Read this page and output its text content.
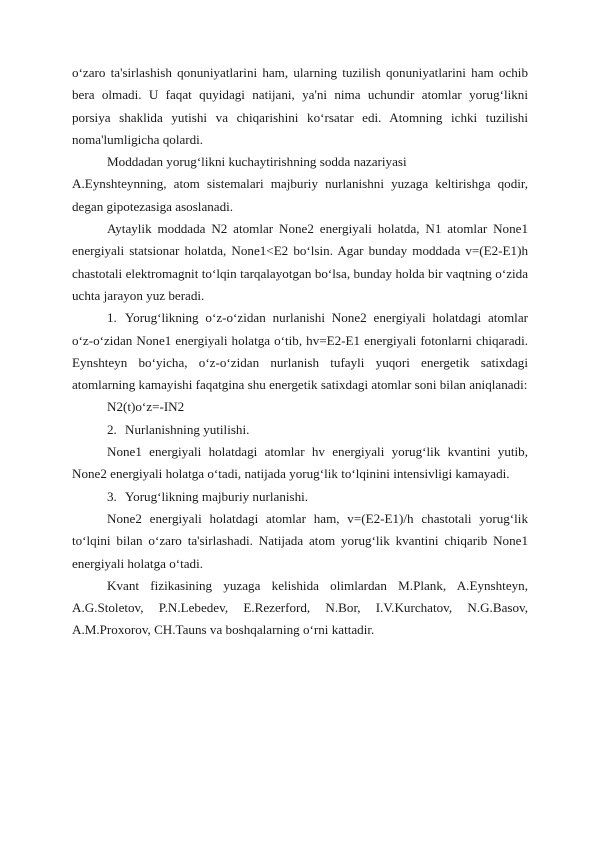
o‘zaro ta'sirlashish qonuniyatlarini ham, ularning tuzilish qonuniyatlarini ham ochib bera olmadi. U faqat quyidagi natijani, ya'ni nima uchundir atomlar yorug‘likni porsiya shaklida yutishi va chiqarishini ko‘rsatar edi. Atomning ichki tuzilishi noma'lumligicha qolardi.

Moddadan yorug‘likni kuchaytirishning sodda nazariyasi

A.Eynshteynning, atom sistemalari majburiy nurlanishni yuzaga keltirishga qodir, degan gipotezasiga asoslanadi.

Aytaylik moddada N2 atomlar None2 energiyali holatda, N1 atomlar None1 energiyali statsionar holatda, None1<E2 bo‘lsin. Agar bunday moddada v=(E2-E1)h chastotali elektromagnit to‘lqin tarqalayotgan bo‘lsa, bunday holda bir vaqtning o‘zida uchta jarayon yuz beradi.

1. Yorug‘likning o‘z-o‘zidan nurlanishi None2 energiyali holatdagi atomlar o‘z-o‘zidan None1 energiyali holatga o‘tib, hv=E2-E1 energiyali fotonlarni chiqaradi. Eynshteyn bo‘yicha, o‘z-o‘zidan nurlanish tufayli yuqori energetik satixdagi atomlarning kamayishi faqatgina shu energetik satixdagi atomlar soni bilan aniqlanadi:

N2(t)o‘z=-IN2

2. Nurlanishning yutilishi.

None1 energiyali holatdagi atomlar hv energiyali yorug‘lik kvantini yutib, None2 energiyali holatga o‘tadi, natijada yorug‘lik to‘lqinini intensivligi kamayadi.

3. Yorug‘likning majburiy nurlanishi.

None2 energiyali holatdagi atomlar ham, v=(E2-E1)/h chastotali yorug‘lik to‘lqini bilan o‘zaro ta'sirlashadi. Natijada atom yorug‘lik kvantini chiqarib None1 energiyali holatga o‘tadi.

Kvant fizikasining yuzaga kelishida olimlardan M.Plank, A.Eynshteyn, A.G.Stoletov, P.N.Lebedev, E.Rezerford, N.Bor, I.V.Kurchatov, N.G.Basov, A.M.Proxorov, CH.Tauns va boshqalarning o‘rni kattadir.
